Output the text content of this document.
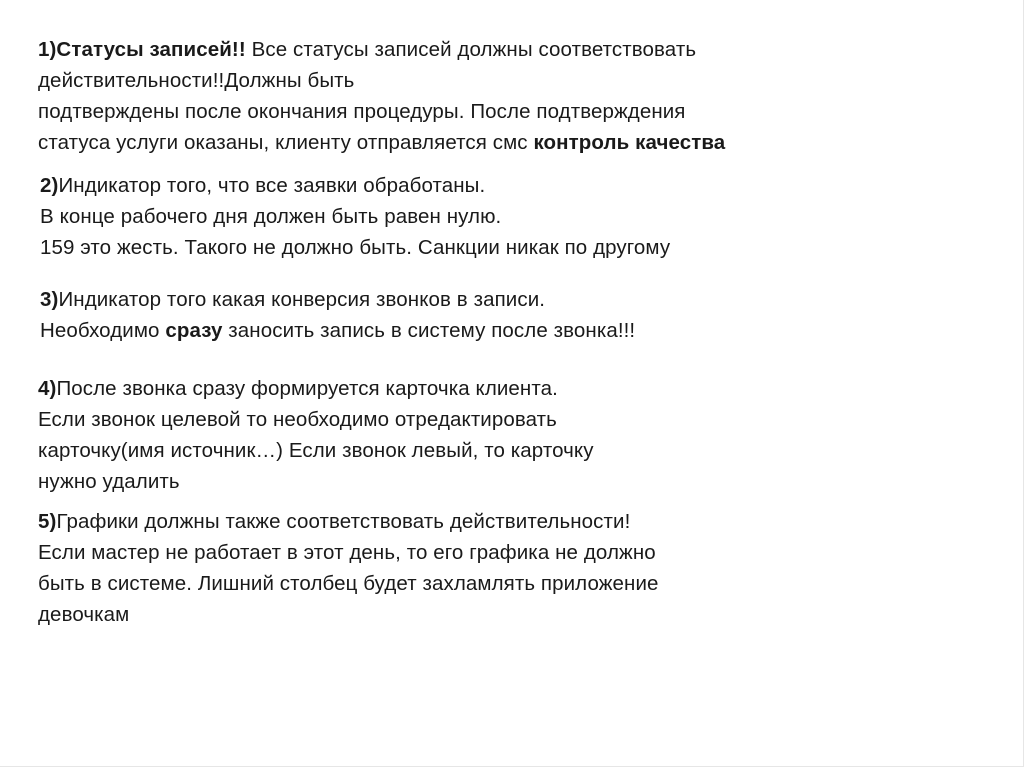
1)Статусы записей!! Все статусы записей должны соответствовать
действительности!!Должны быть
подтверждены после окончания процедуры. После подтверждения
статуса услуги оказаны, клиенту отправляется смс контроль качества
2)Индикатор того, что все заявки обработаны.
В конце рабочего дня должен быть равен нулю.
159 это жесть. Такого не должно быть. Санкции никак по другому
3)Индикатор того какая конверсия звонков в записи.
Необходимо сразу заносить запись в систему после звонка!!!
4)После звонка сразу формируется карточка клиента.
Если звонок целевой то необходимо отредактировать
карточку(имя источник…) Если звонок левый, то карточку
нужно удалить
5)Графики должны также соответствовать действительности!
Если мастер не работает в этот день, то его графика не должно
быть в системе. Лишний столбец будет захламлять приложение
девочкам
